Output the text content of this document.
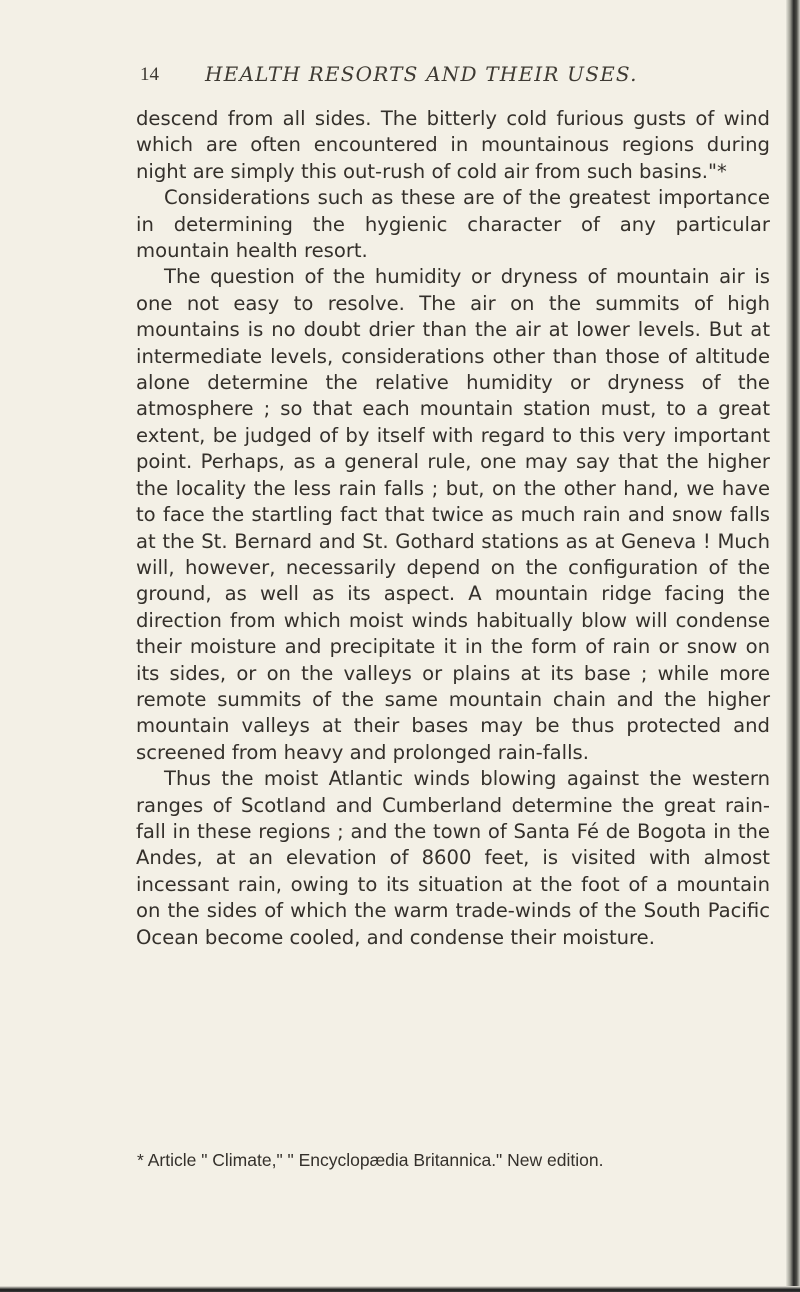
14 HEALTH RESORTS AND THEIR USES.

descend from all sides. The bitterly cold furious gusts of wind which are often encountered in mountainous regions during night are simply this out-rush of cold air from such basins."*

Considerations such as these are of the greatest importance in determining the hygienic character of any particular mountain health resort.

The question of the humidity or dryness of mountain air is one not easy to resolve. The air on the summits of high mountains is no doubt drier than the air at lower levels. But at intermediate levels, considerations other than those of altitude alone determine the relative humidity or dryness of the atmosphere ; so that each mountain station must, to a great extent, be judged of by itself with regard to this very important point. Perhaps, as a general rule, one may say that the higher the locality the less rain falls ; but, on the other hand, we have to face the startling fact that twice as much rain and snow falls at the St. Bernard and St. Gothard stations as at Geneva ! Much will, however, necessarily depend on the configuration of the ground, as well as its aspect. A mountain ridge facing the direction from which moist winds habitually blow will condense their moisture and precipitate it in the form of rain or snow on its sides, or on the valleys or plains at its base ; while more remote summits of the same mountain chain and the higher mountain valleys at their bases may be thus protected and screened from heavy and prolonged rain-falls.

Thus the moist Atlantic winds blowing against the western ranges of Scotland and Cumberland determine the great rain-fall in these regions ; and the town of Santa Fé de Bogota in the Andes, at an elevation of 8600 feet, is visited with almost incessant rain, owing to its situation at the foot of a mountain on the sides of which the warm trade-winds of the South Pacific Ocean become cooled, and condense their moisture.

* Article " Climate," " Encyclopædia Britannica." New edition.
